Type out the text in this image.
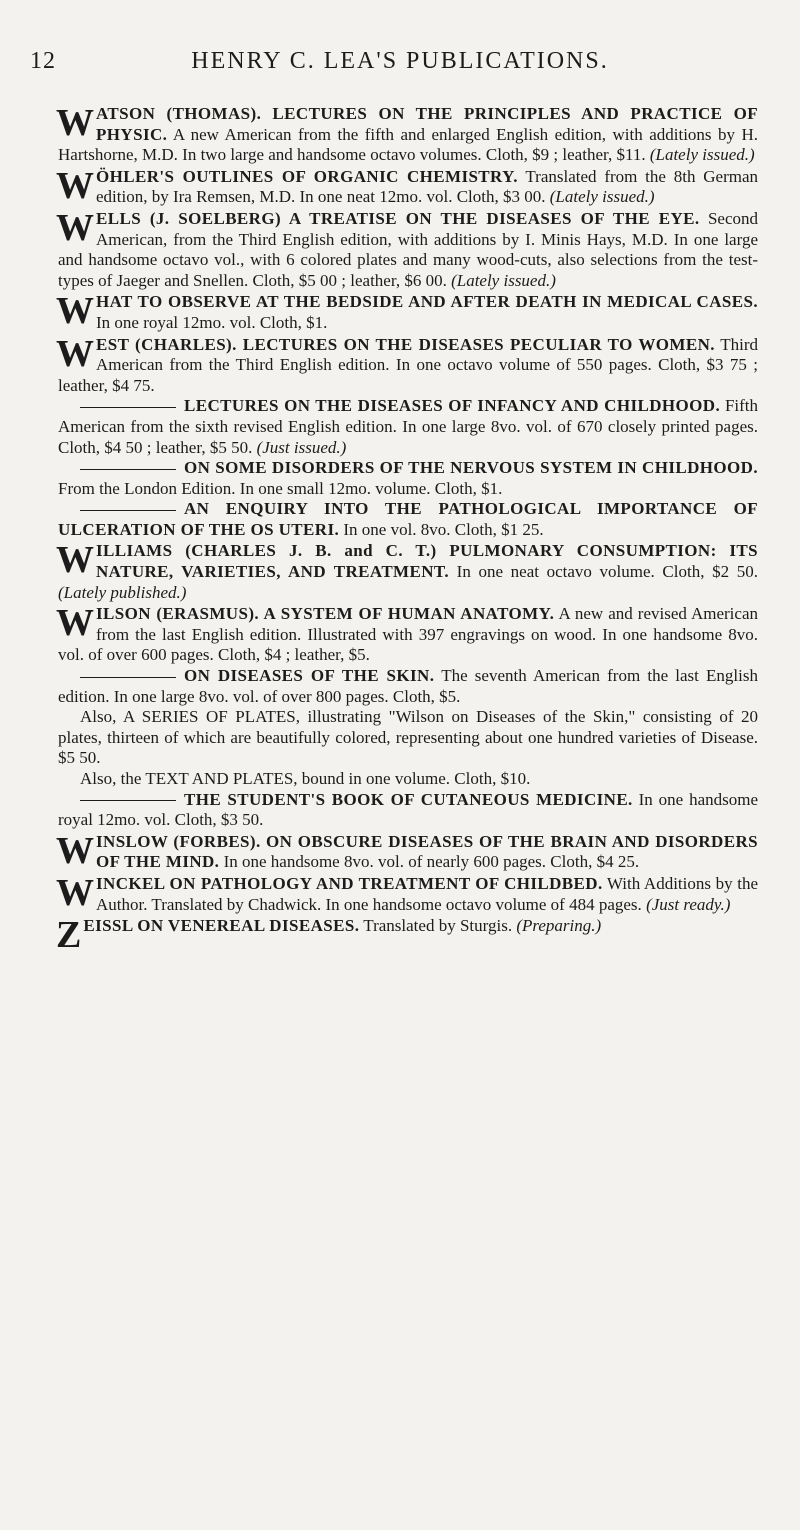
12	HENRY C. LEA'S PUBLICATIONS.

WATSON (THOMAS). LECTURES ON THE PRINCIPLES AND PRACTICE OF PHYSIC. A new American from the fifth and enlarged English edition, with additions by H. Hartshorne, M.D. In two large and handsome octavo volumes. Cloth, $9 ; leather, $11. (Lately issued.)

WÖHLER'S OUTLINES OF ORGANIC CHEMISTRY. Translated from the 8th German edition, by Ira Remsen, M.D. In one neat 12mo. vol. Cloth, $3 00. (Lately issued.)

WELLS (J. SOELBERG) A TREATISE ON THE DISEASES OF THE EYE. Second American, from the Third English edition, with additions by I. Minis Hays, M.D. In one large and handsome octavo vol., with 6 colored plates and many wood-cuts, also selections from the test-types of Jaeger and Snellen. Cloth, $5 00 ; leather, $6 00. (Lately issued.)

WHAT TO OBSERVE AT THE BEDSIDE AND AFTER DEATH IN MEDICAL CASES. In one royal 12mo. vol. Cloth, $1.

WEST (CHARLES). LECTURES ON THE DISEASES PECULIAR TO WOMEN. Third American from the Third English edition. In one octavo volume of 550 pages. Cloth, $3 75 ; leather, $4 75.

LECTURES ON THE DISEASES OF INFANCY AND CHILDHOOD. Fifth American from the sixth revised English edition. In one large 8vo. vol. of 670 closely printed pages. Cloth, $4 50 ; leather, $5 50. (Just issued.)

ON SOME DISORDERS OF THE NERVOUS SYSTEM IN CHILDHOOD. From the London Edition. In one small 12mo. volume. Cloth, $1.

AN ENQUIRY INTO THE PATHOLOGICAL IMPORTANCE OF ULCERATION OF THE OS UTERI. In one vol. 8vo. Cloth, $1 25.

WILLIAMS (CHARLES J. B. and C. T.) PULMONARY CONSUMPTION: ITS NATURE, VARIETIES, AND TREATMENT. In one neat octavo volume. Cloth, $2 50. (Lately published.)

WILSON (ERASMUS). A SYSTEM OF HUMAN ANATOMY. A new and revised American from the last English edition. Illustrated with 397 engravings on wood. In one handsome 8vo. vol. of over 600 pages. Cloth, $4 ; leather, $5.

ON DISEASES OF THE SKIN. The seventh American from the last English edition. In one large 8vo. vol. of over 800 pages. Cloth, $5.

Also, A SERIES OF PLATES, illustrating "Wilson on Diseases of the Skin," consisting of 20 plates, thirteen of which are beautifully colored, representing about one hundred varieties of Disease. $5 50.

Also, the TEXT AND PLATES, bound in one volume. Cloth, $10.

THE STUDENT'S BOOK OF CUTANEOUS MEDICINE. In one handsome royal 12mo. vol. Cloth, $3 50.

WINSLOW (FORBES). ON OBSCURE DISEASES OF THE BRAIN AND DISORDERS OF THE MIND. In one handsome 8vo. vol. of nearly 600 pages. Cloth, $4 25.

WINCKEL ON PATHOLOGY AND TREATMENT OF CHILDBED. With Additions by the Author. Translated by Chadwick. In one handsome octavo volume of 484 pages. (Just ready.)

ZEISSL ON VENEREAL DISEASES. Translated by Sturgis. (Preparing.)
